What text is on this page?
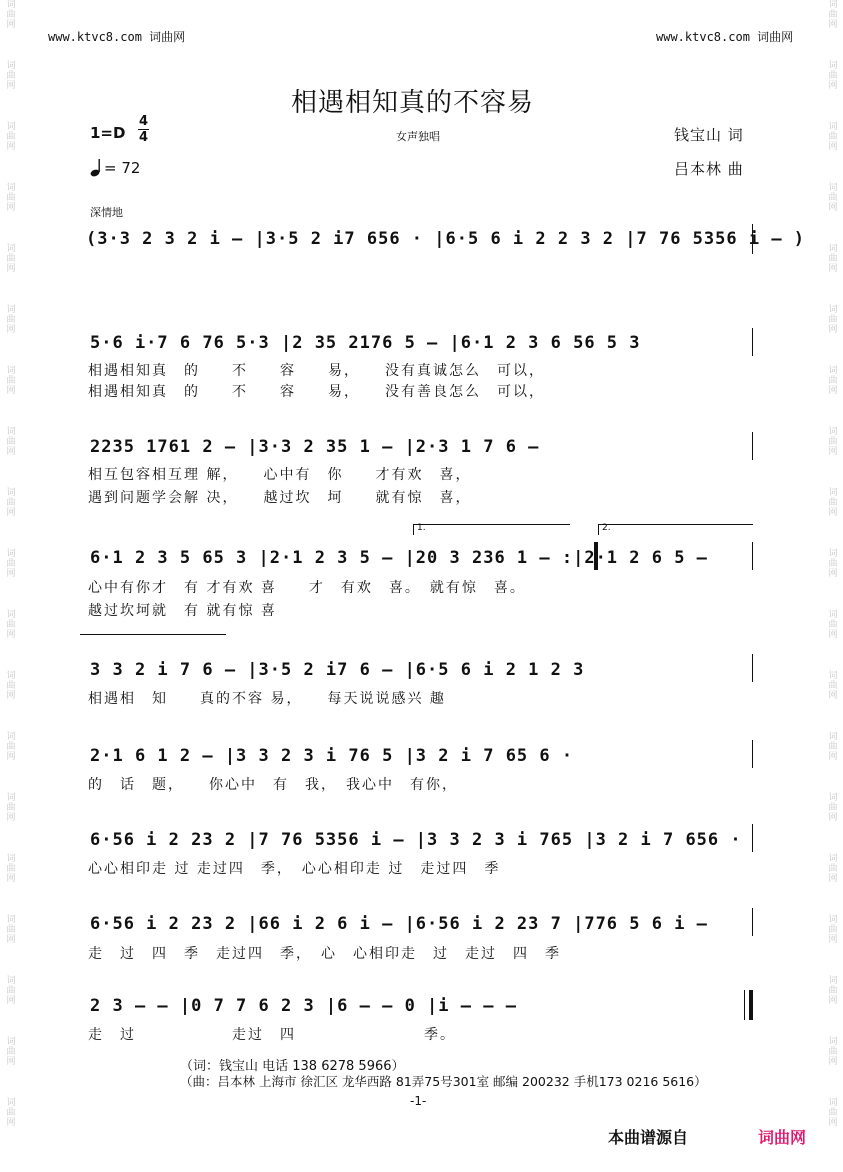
词
曲
网
词
曲
网
词
曲
网
词
曲
网
词
曲
网
词
曲
网
词
曲
网
词
曲
网
词
曲
网
词
曲
网
词
曲
网
词
曲
网
词
曲
网
词
曲
网
词
曲
网
词
曲
网
词
曲
网
词
曲
网
词
曲
网
词
曲
网
词
曲
网
词
曲
网
词
曲
网
词
曲
网
词
曲
网
词
曲
网
词
曲
网
词
曲
网
词
曲
网
词
曲
网
词
曲
网
词
曲
网
词
曲
网
词
曲
网
词
曲
网
词
曲
网
词
曲
网
词
曲
网
www.ktvc8.com 词曲网	www.ktvc8.com 词曲网
相遇相知真的不容易
1=D
4
4	女声独唱	钱宝山 词
= 72	吕本林 曲
深情地
(3·3 2 3 2 i – |3·5 2 i7 656 · |6·5 6 i 2 2 3 2 |7 76 5356 i – )
5·6 i·7 6 76 5·3 |2 35 2176 5 – |6·1 2 3 6 56 5 3
相遇相知真　的　　不　　容　　易，　　没有真诚怎么　可以，
相遇相知真　的　　不　　容　　易，　　没有善良怎么　可以，
2235 1761 2 – |3·3 2 35 1 – |2·3 1 7 6 –
相互包容相互理 解，　　心中有　你　　才有欢　喜，
遇到问题学会解 决，　　越过坎　坷　　就有惊　喜，
1.	2.
6·1 2 3 5 65 3 |2·1 2 3 5 – |20 3 236 1 – :|2·1 2 6 5 –
心中有你才　有 才有欢 喜　　才　有欢　喜。　就有惊　喜。
越过坎坷就　有 就有惊 喜
3 3 2 i 7 6 – |3·5 2 i7 6 – |6·5 6 i 2 1 2 3
相遇相　知　　真的不容 易，　　每天说说感兴 趣
2·1 6 1 2 – |3 3 2 3 i 76 5 |3 2 i 7 65 6 ·
的　话　题，　　你心中　有　我，　我心中　有你，
6·56 i 2 23 2 |7 76 5356 i – |3 3 2 3 i 765 |3 2 i 7 656 ·
心心相印走 过 走过四　季，　心心相印走 过　走过四　季
6·56 i 2 23 2 |66 i 2 6 i – |6·56 i 2 23 7 |776 5 6 i –
走　过　四　季　走过四　季，　心　心相印走　过　走过　四　季
2 3 – – |0 7 7 6 2 3 |6 – – 0 |i – – –
走　过　　　　　　走过　四　　　　　　　　季。
（词：钱宝山 电话 138 6278 5966）
（曲：吕本林 上海市 徐汇区 龙华西路 81弄75号301室 邮编 200232 手机173 0216 5616）
-1-
本曲谱源自	词曲网
